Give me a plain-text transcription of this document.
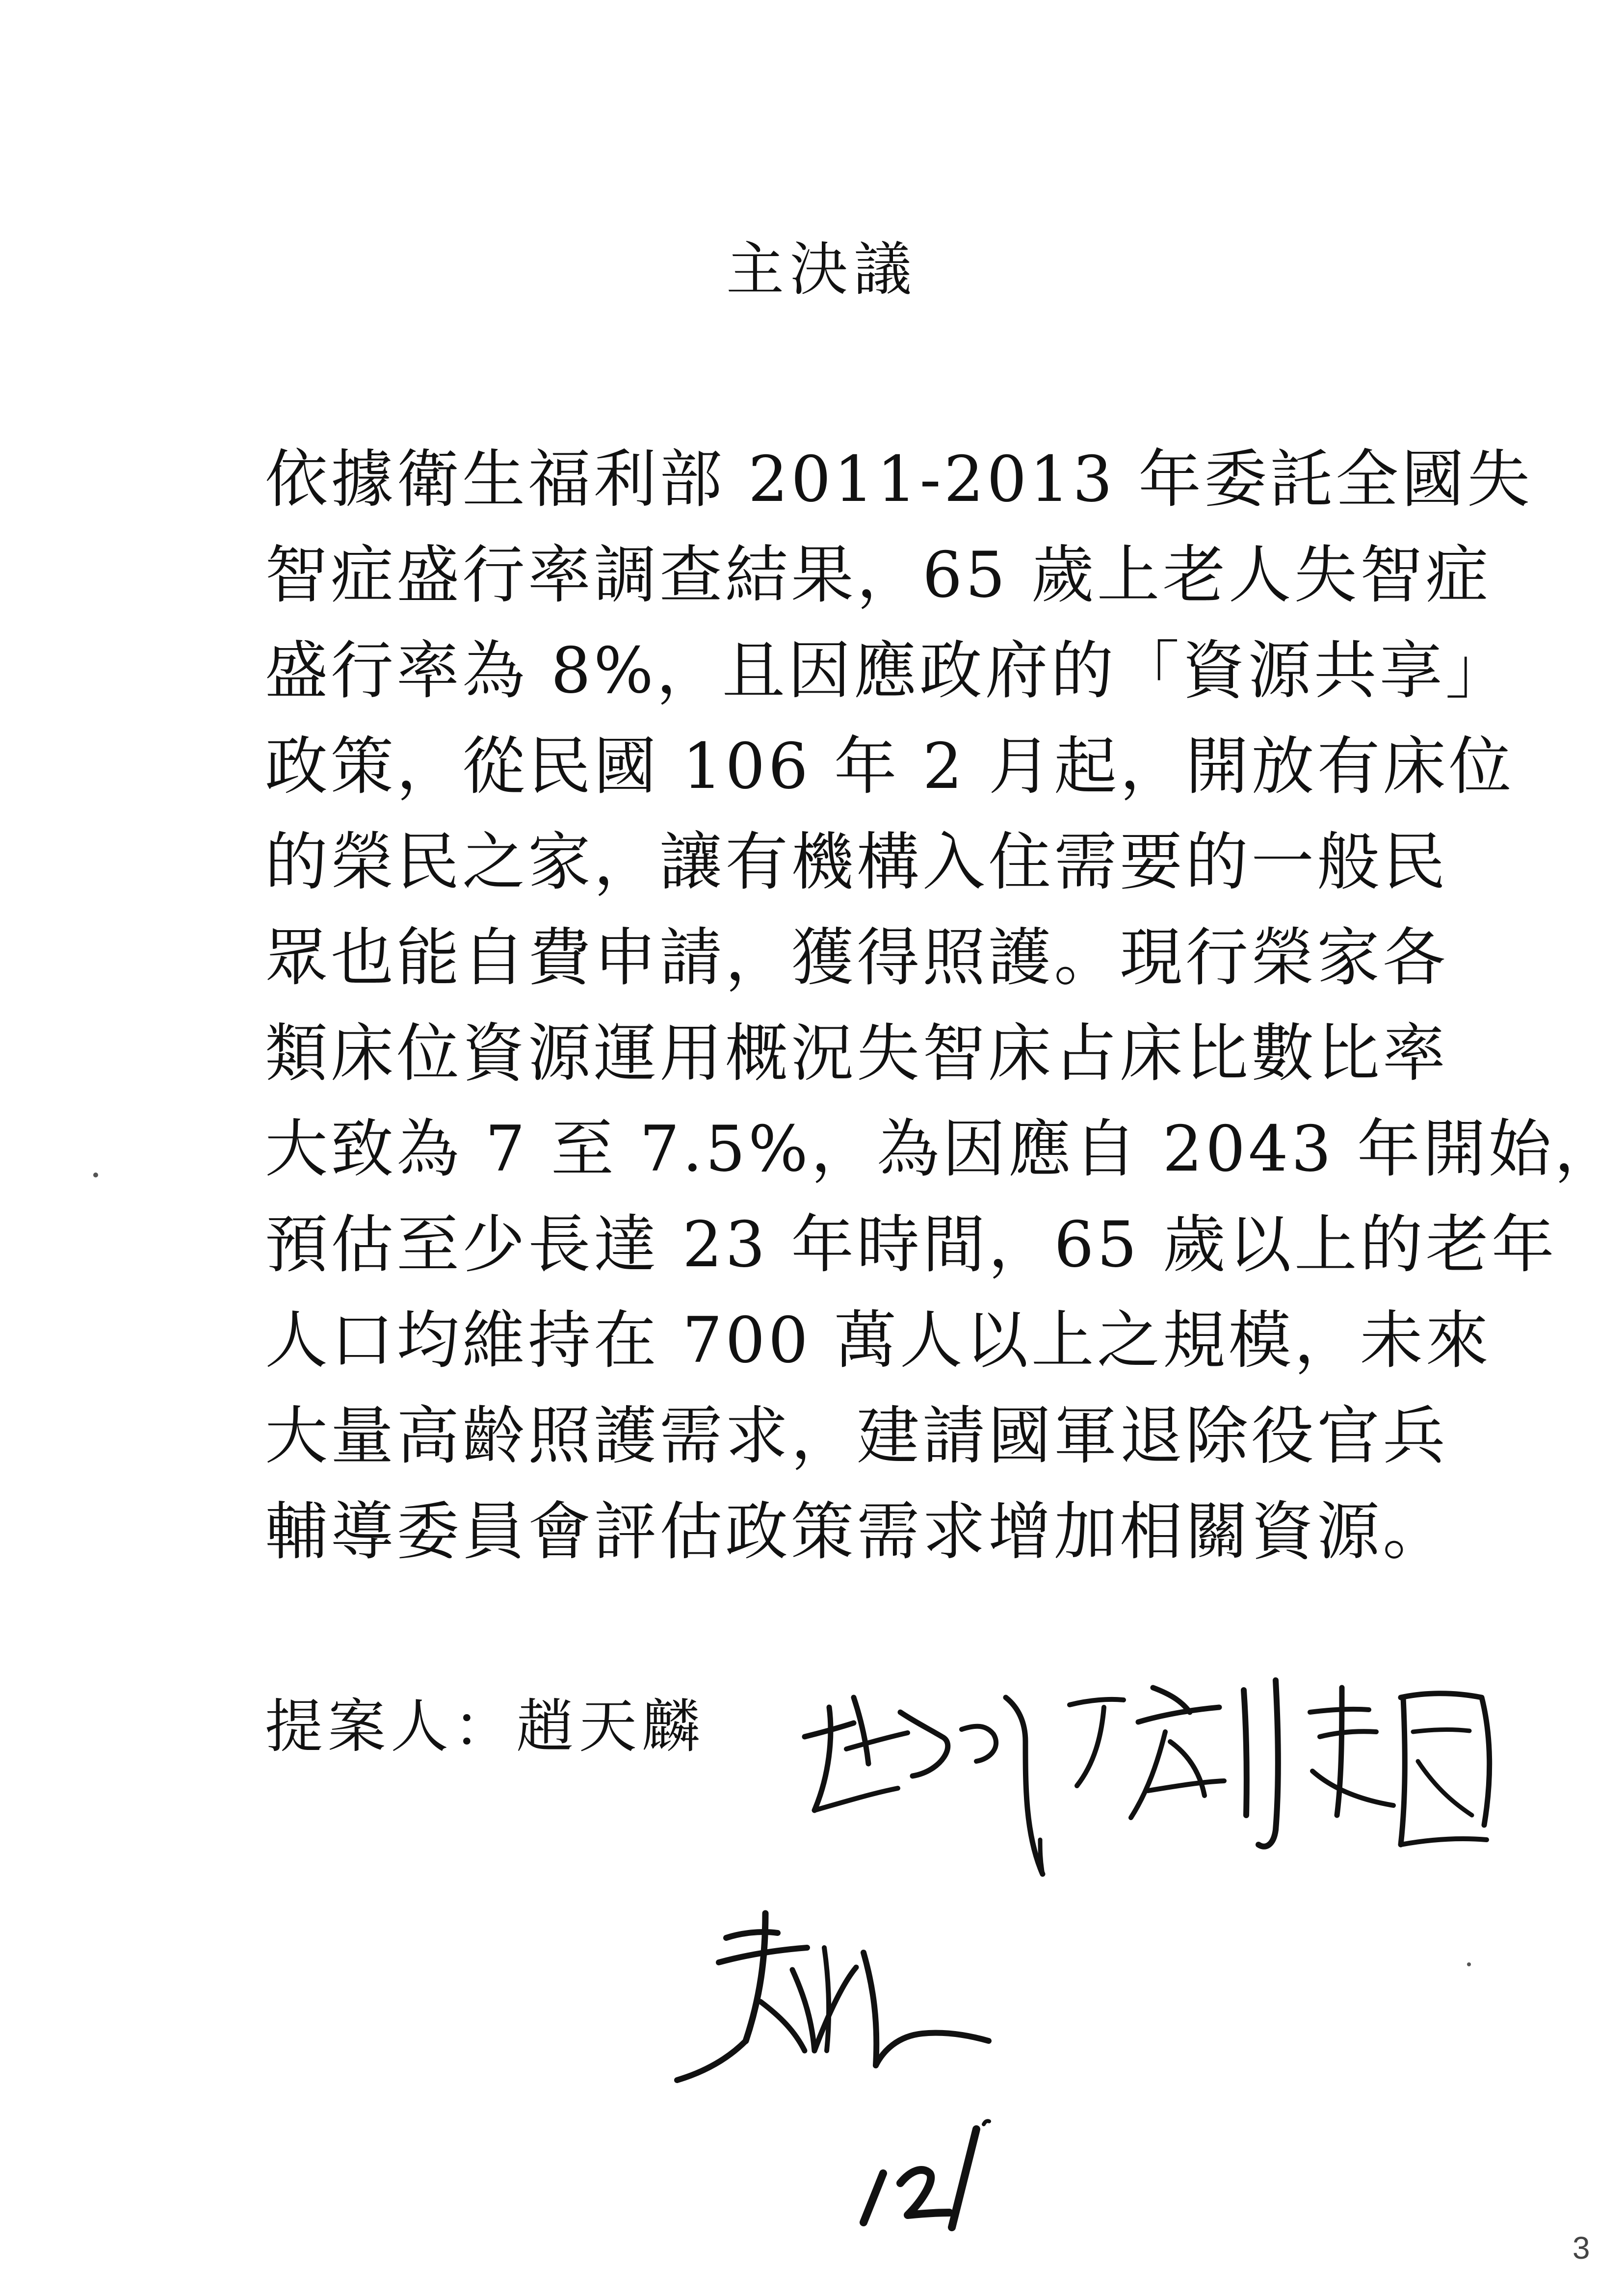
主決議
依據衛生福利部 2011-2013 年委託全國失
智症盛行率調查結果，65 歲上老人失智症
盛行率為 8%，且因應政府的「資源共享」
政策，從民國 106 年 2 月起，開放有床位
的榮民之家，讓有機構入住需要的一般民
眾也能自費申請，獲得照護。現行榮家各
類床位資源運用概況失智床占床比數比率
大致為 7 至 7.5%，為因應自 2043 年開始，
預估至少長達 23 年時間，65 歲以上的老年
人口均維持在 700 萬人以上之規模，未來
大量高齡照護需求，建請國軍退除役官兵
輔導委員會評估政策需求增加相關資源。
提案人：趙天麟
121
3
